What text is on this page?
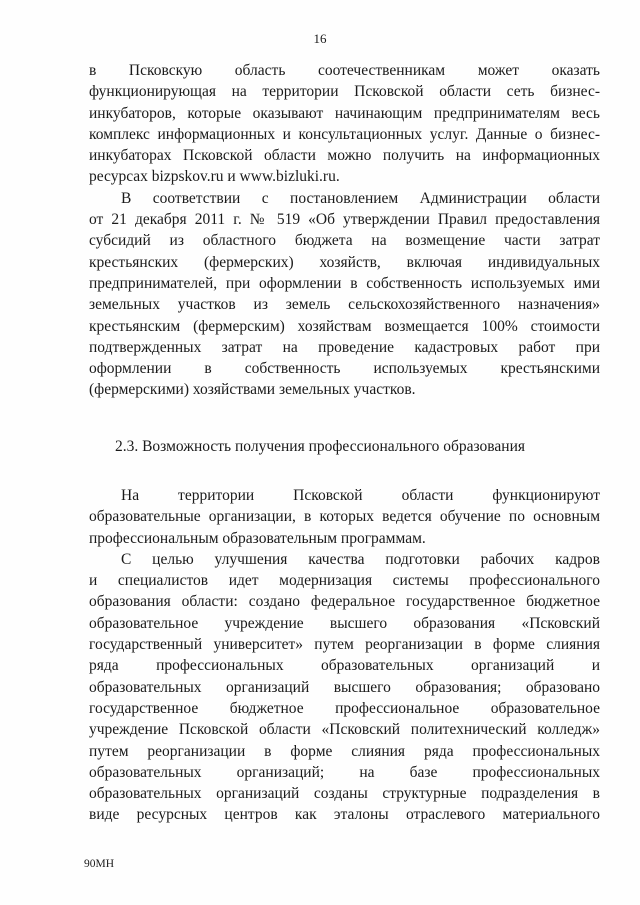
16
в Псковскую область соотечественникам может оказать
функционирующая на территории Псковской области сеть бизнес-
инкубаторов, которые оказывают начинающим предпринимателям весь
комплекс информационных и консультационных услуг. Данные о бизнес-
инкубаторах Псковской области можно получить на информационных
ресурсах bizpskov.ru и www.bizluki.ru.
В соответствии с постановлением Администрации области
от 21 декабря 2011 г. № 519 «Об утверждении Правил предоставления
субсидий из областного бюджета на возмещение части затрат
крестьянских (фермерских) хозяйств, включая индивидуальных
предпринимателей, при оформлении в собственность используемых ими
земельных участков из земель сельскохозяйственного назначения»
крестьянским (фермерским) хозяйствам возмещается 100% стоимости
подтвержденных затрат на проведение кадастровых работ при
оформлении в собственность используемых крестьянскими
(фермерскими) хозяйствами земельных участков.
2.3. Возможность получения профессионального образования
На территории Псковской области функционируют
образовательные организации, в которых ведется обучение по основным
профессиональным образовательным программам.
С целью улучшения качества подготовки рабочих кадров
и специалистов идет модернизация системы профессионального
образования области: создано федеральное государственное бюджетное
образовательное учреждение высшего образования «Псковский
государственный университет» путем реорганизации в форме слияния
ряда профессиональных образовательных организаций и
образовательных организаций высшего образования; образовано
государственное бюджетное профессиональное образовательное
учреждение Псковской области «Псковский политехнический колледж»
путем реорганизации в форме слияния ряда профессиональных
образовательных организаций; на базе профессиональных
образовательных организаций созданы структурные подразделения в
виде ресурсных центров как эталоны отраслевого материального
90МН
